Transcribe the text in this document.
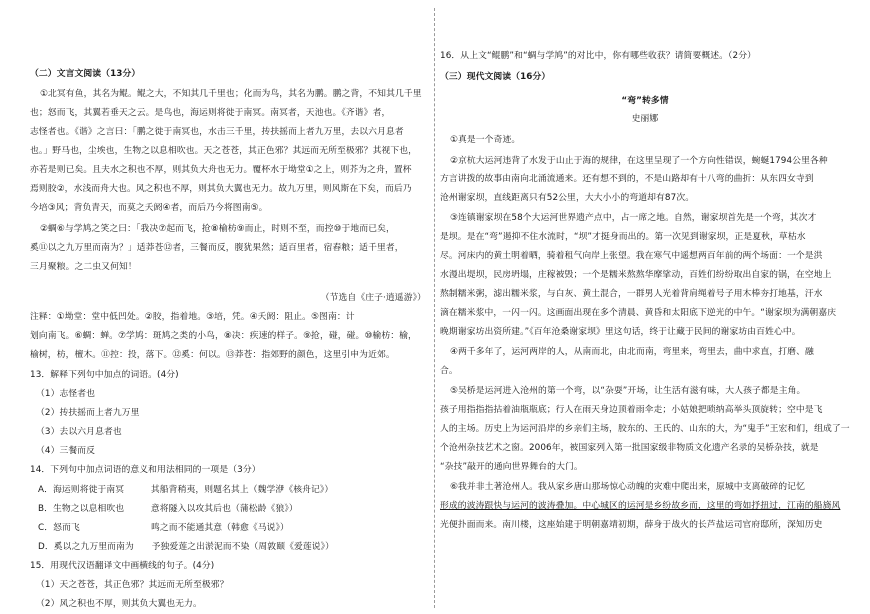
（二）文言文阅读（13分）
①北冥有鱼，其名为鲲。鲲之大，不知其几千里也；化而为鸟，其名为鹏。鹏之背，不知其几千里
也；怒而飞，其翼若垂天之云。是鸟也，海运则将徙于南冥。南冥者，天池也。《齐谐》者，
志怪者也。《谐》之言曰：「鹏之徙于南冥也，水击三千里，抟扶摇而上者九万里，去以六月息者
也。」野马也，尘埃也，生物之以息相吹也。天之苍苍，其正色邪？其远而无所至极邪？其视下也，
亦若是则已矣。且夫水之积也不厚，则其负大舟也无力。覆杯水于坳堂①之上，则芥为之舟，置杯
焉则胶②，水浅而舟大也。风之积也不厚，则其负大翼也无力。故九万里，则风斯在下矣，而后乃
今培③风；背负青天，而莫之夭阏④者，而后乃今将图南⑤。
②蜩⑥与学鸠之笑之曰：「我决⑦起而飞，抢⑧榆枋⑨而止，时则不至，而控⑩于地而已矣，
奚⑪以之九万里而南为？」适莽苍⑫者，三餐而反，腹犹果然；适百里者，宿舂粮；适千里者，
三月聚粮。之二虫又何知！
（节选自《庄子·逍遥游》）
注释：①坳堂：堂中低凹处。②胶，指着地。③培，凭。④夭阏：阻止。⑤图南：计
划向南飞。⑥蜩：蝉。⑦学鸠：斑鸠之类的小鸟，⑧决：疾速的样子。⑨抢，碰，碰。⑩榆枋：榆，
榆树，枋，檀木。⑪控：投，落下。⑫奚：何以。⑬莽苍：指郊野的颜色，这里引申为近郊。
13．解释下列句中加点的词语。(4分)
（1）志怪者也
（2）抟扶摇而上者九万里
（3）去以六月息者也
（4）三餐而反
14．下列句中加点词语的意义和用法相同的一项是（3分）
A．海运则将徙于南冥　　　其船背稍夷，则题名其上（魏学洢《核舟记》）
B．生物之以息相吹也　　　意将隧入以攻其后也（蒲松龄《狼》）
C．怒而飞　　　　　　　　鸣之而不能通其意（韩愈《马说》）
D．奚以之九万里而南为　　予独爱莲之出淤泥而不染（周敦颐《爱莲说》）
15．用现代汉语翻译文中画横线的句子。(4分)
（1）天之苍苍，其正色邪？其远而无所至极邪？
（2）风之积也不厚，则其负大翼也无力。
16．从上文“鲲鹏”和“蜩与学鸠”的对比中，你有哪些收获？请简要概述。（2分）
（三）现代文阅读（16分）
“弯”转多情
史丽娜
①真是一个奇迹。
②京杭大运河违背了水发于山止于海的规律，在这里呈现了一个方向性错误，蜿蜒1794公里各种
方言讲拨的故事由南向北涌流通来。还有想不到的，不是山路却有十八弯的曲折：从东四女寺到
沧州谢家坝，直线距离只有52公里，大大小小的弯道却有87次。
③连镇谢家坝在58个大运河世界遗产点中，占一席之地。自然，谢家坝首先是一个弯，其次才
是坝。是在“弯”遏抑不住水流时，“坝”才挺身而出的。第一次见到谢家坝，正是夏秋，草枯水
尽。河床内的黄土明着晒，骑着租气向岸上张望。我在寒气中遥想两百年前的两个场面：一个是洪
水漫出堤坝，民房坍塌，庄稼被毁；一个是糯米熬熬华摩挲动，百姓们纷纷取出自家的锅，在空地上
熬制糯米粥，滤出糯米浆，与白灰、黄土混合，一群男人光着背肩绳着号子用木棒夯打地基，汗水
滴在糯米浆中，一闪一闪。这画面出现在多个清晨、黄昏和太阳底下逆光的中午。“谢家坝为满朝嘉庆
晚期谢家坊出资所建。”《百年沧桑谢家坝》里这句话，终于让藏于民间的谢家坊由百姓心中。
④两千多年了，运河两岸的人，从南而北，由北而南，弯里来，弯里去，曲中求直，打磨、融
合。
⑤吴桥是运河进入沧州的第一个弯，以“杂耍”开场，让生活有滋有味，大人孩子都是主角。
孩子用指指指拈着油瓶瓶底；行人在雨天身边顶着雨伞走；小姑娘把唢纳高举头顶旋转；空中是飞
人的主场。历史上为运河沿岸的乡亲们主场，胶东的、王氏的、山东的大，为“鬼手”王宏和们，组成了一
个沧州杂技艺术之窗。2006年，被国家列入第一批国家级非物质文化遗产名录的吴桥杂技，就是
“杂技”敲开的通向世界舞台的大门。
⑥我并非土著沧州人。我从家乡唐山那场惊心动魄的灾难中爬出来，原城中支离破碎的记忆
形成的波涛跟快与运河的波涛叠加。中心城区的运河是乡纷故乡而，这里的弯如抒扭过，江南的船旖风
光便扑面而来。南川楼，这座始建于明朝嘉靖初期，薛身于战火的长芦盐运司官府邸所，深知历史
